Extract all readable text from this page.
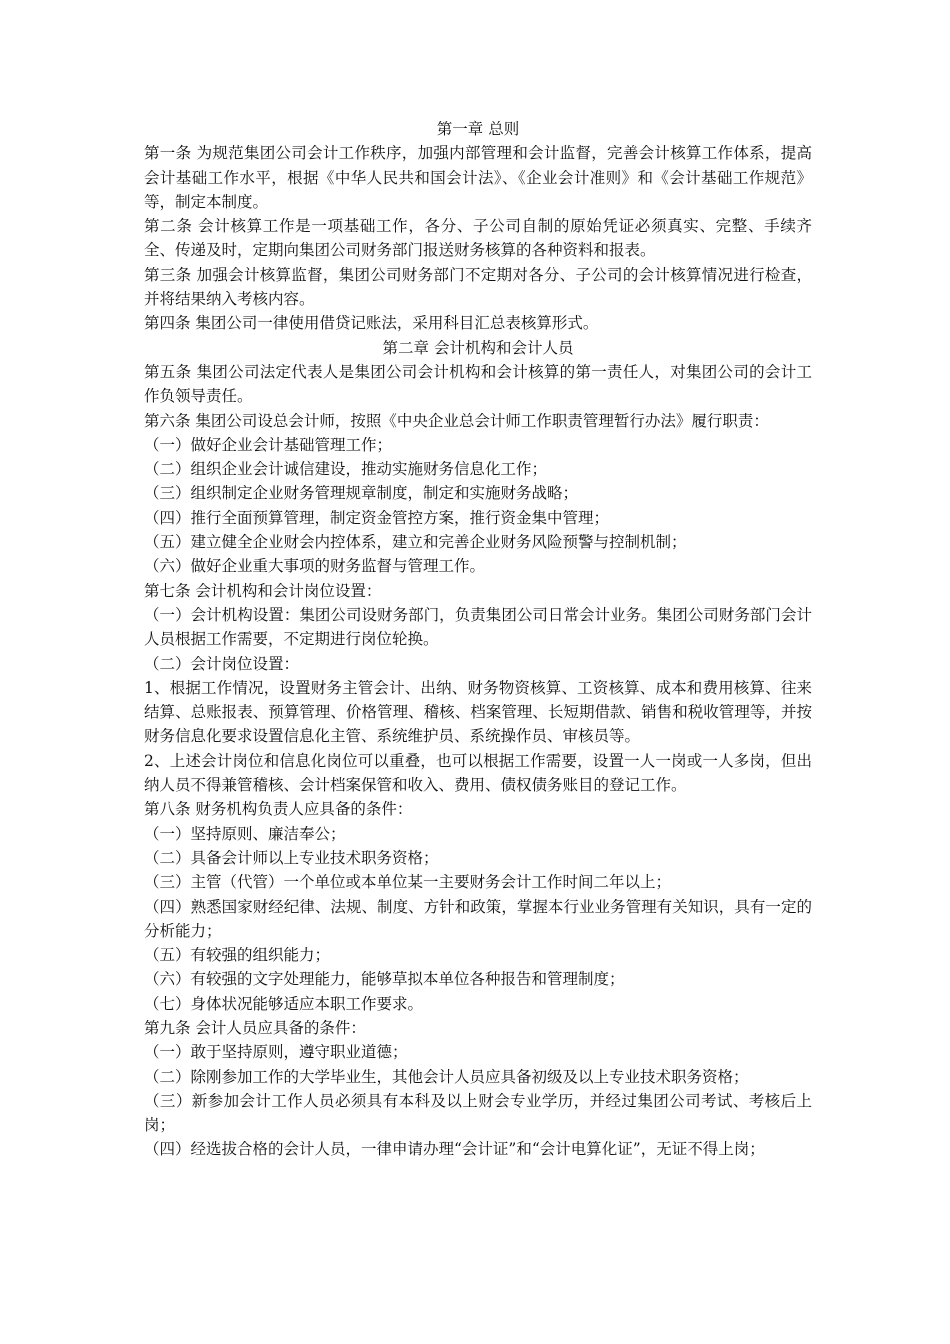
第一章 总则

第一条 为规范集团公司会计工作秩序，加强内部管理和会计监督，完善会计核算工作体系，提高会计基础工作水平，根据《中华人民共和国会计法》、《企业会计准则》和《会计基础工作规范》等，制定本制度。

第二条 会计核算工作是一项基础工作，各分、子公司自制的原始凭证必须真实、完整、手续齐全、传递及时，定期向集团公司财务部门报送财务核算的各种资料和报表。

第三条 加强会计核算监督，集团公司财务部门不定期对各分、子公司的会计核算情况进行检查，并将结果纳入考核内容。

第四条 集团公司一律使用借贷记账法，采用科目汇总表核算形式。

第二章 会计机构和会计人员

第五条 集团公司法定代表人是集团公司会计机构和会计核算的第一责任人，对集团公司的会计工作负领导责任。

第六条 集团公司设总会计师，按照《中央企业总会计师工作职责管理暂行办法》履行职责：

（一）做好企业会计基础管理工作；

（二）组织企业会计诚信建设，推动实施财务信息化工作；

（三）组织制定企业财务管理规章制度，制定和实施财务战略；

（四）推行全面预算管理，制定资金管控方案，推行资金集中管理；

（五）建立健全企业财会内控体系，建立和完善企业财务风险预警与控制机制；

（六）做好企业重大事项的财务监督与管理工作。

第七条 会计机构和会计岗位设置：

（一）会计机构设置：集团公司设财务部门，负责集团公司日常会计业务。集团公司财务部门会计人员根据工作需要，不定期进行岗位轮换。

（二）会计岗位设置：

1、根据工作情况，设置财务主管会计、出纳、财务物资核算、工资核算、成本和费用核算、往来结算、总账报表、预算管理、价格管理、稽核、档案管理、长短期借款、销售和税收管理等，并按财务信息化要求设置信息化主管、系统维护员、系统操作员、审核员等。

2、上述会计岗位和信息化岗位可以重叠，也可以根据工作需要，设置一人一岗或一人多岗，但出纳人员不得兼管稽核、会计档案保管和收入、费用、债权债务账目的登记工作。

第八条 财务机构负责人应具备的条件：

（一）坚持原则、廉洁奉公；

（二）具备会计师以上专业技术职务资格；

（三）主管（代管）一个单位或本单位某一主要财务会计工作时间二年以上；

（四）熟悉国家财经纪律、法规、制度、方针和政策，掌握本行业业务管理有关知识，具有一定的分析能力；

（五）有较强的组织能力；

（六）有较强的文字处理能力，能够草拟本单位各种报告和管理制度；

（七）身体状况能够适应本职工作要求。

第九条 会计人员应具备的条件：

（一）敢于坚持原则，遵守职业道德；

（二）除刚参加工作的大学毕业生，其他会计人员应具备初级及以上专业技术职务资格；

（三）新参加会计工作人员必须具有本科及以上财会专业学历，并经过集团公司考试、考核后上岗；

（四）经选拔合格的会计人员，一律申请办理“会计证”和“会计电算化证”，无证不得上岗；
